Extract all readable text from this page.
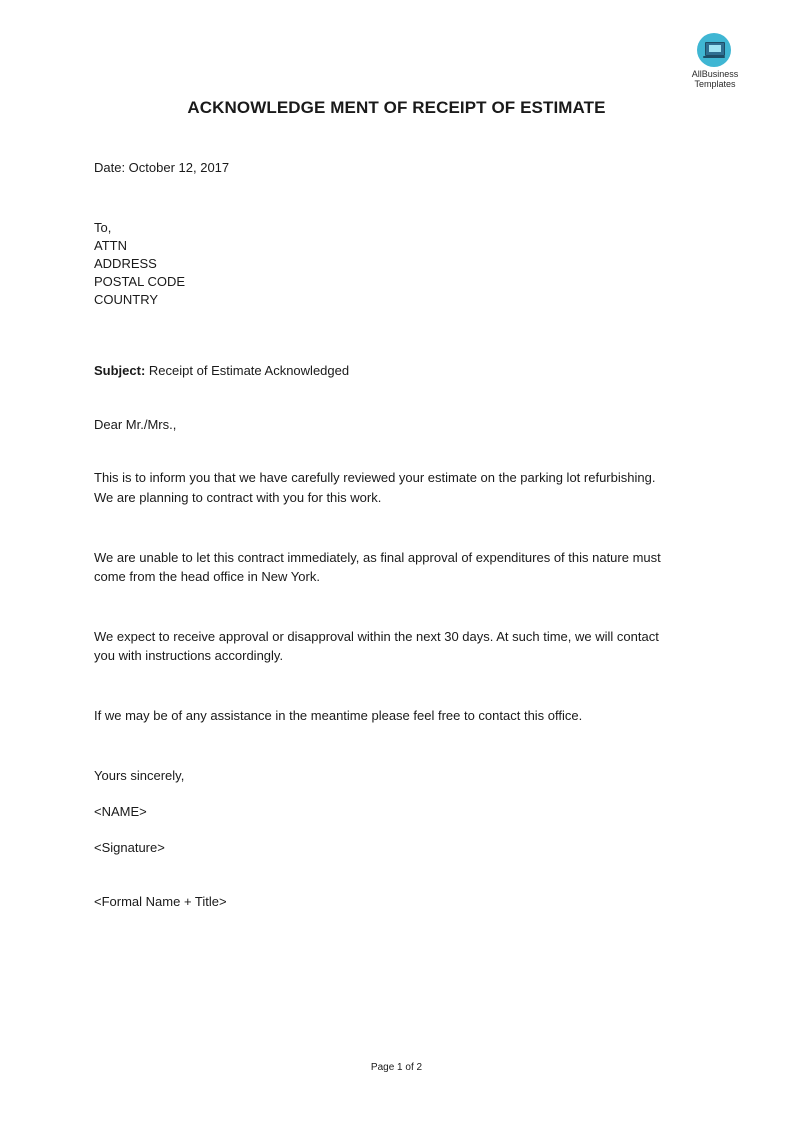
AllBusiness
Templates
ACKNOWLEDGE MENT OF RECEIPT OF ESTIMATE
Date: October 12, 2017
To,
ATTN
ADDRESS
POSTAL CODE
COUNTRY
Subject: Receipt of Estimate Acknowledged
Dear Mr./Mrs.,
This is to inform you that we have carefully reviewed your estimate on the parking lot refurbishing.
We are planning to contract with you for this work.
We are unable to let this contract immediately, as final approval of expenditures of this nature must
come from the head office in New York.
We expect to receive approval or disapproval within the next 30 days. At such time, we will contact
you with instructions accordingly.
If we may be of any assistance in the meantime please feel free to contact this office.
Yours sincerely,
<NAME>
<Signature>
<Formal Name + Title>
Page 1 of 2
